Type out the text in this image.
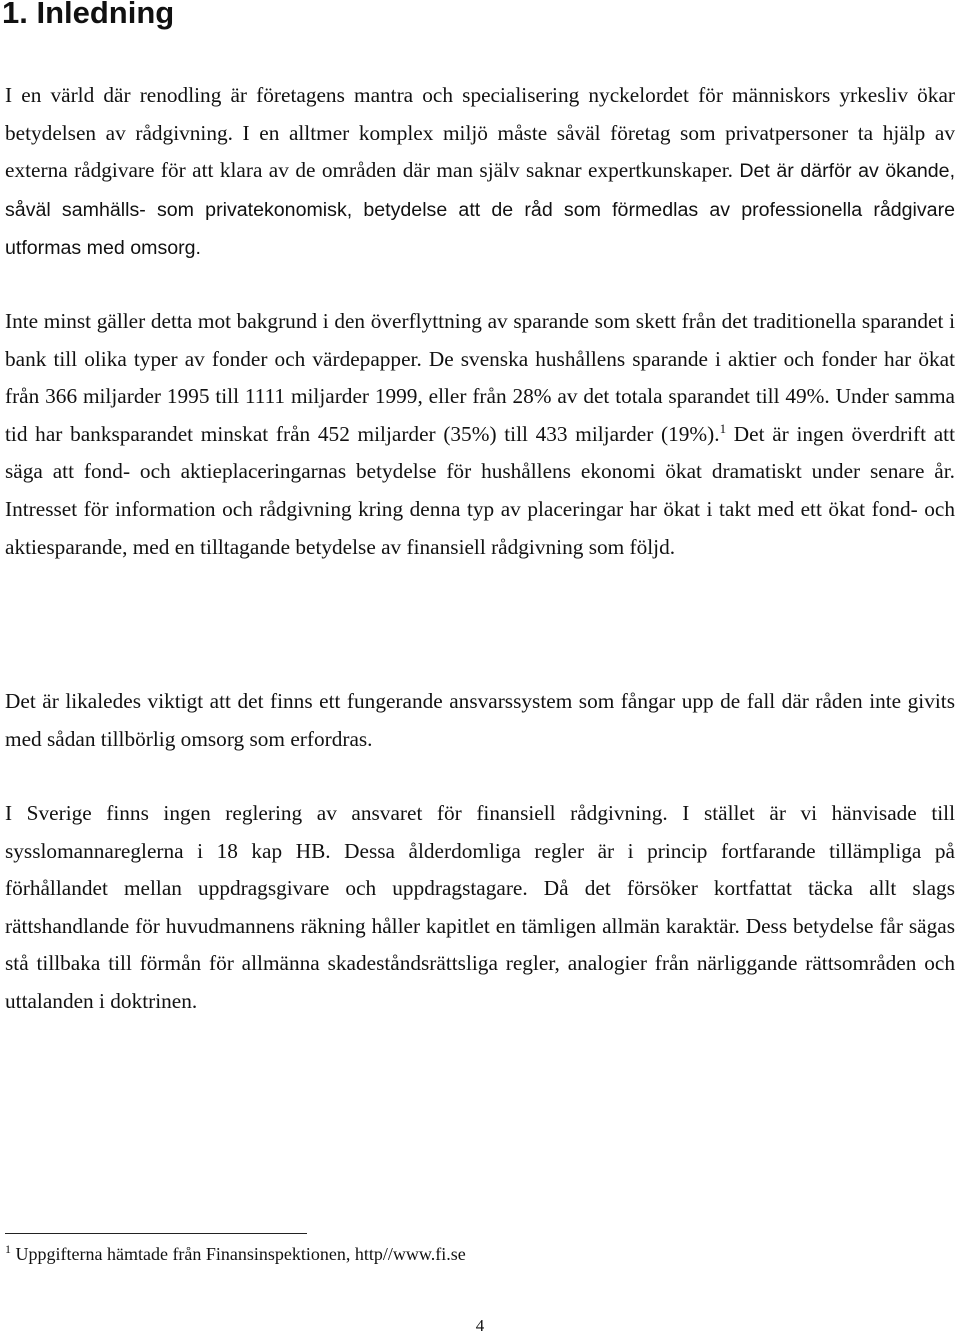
1. Inledning

I en värld där renodling är företagens mantra och specialisering nyckelordet för människors yrkesliv ökar betydelsen av rådgivning. I en alltmer komplex miljö måste såväl företag som privatpersoner ta hjälp av externa rådgivare för att klara av de områden där man själv saknar expertkunskaper. Det är därför av ökande, såväl samhälls- som privatekonomisk, betydelse att de råd som förmedlas av professionella rådgivare utformas med omsorg.

Inte minst gäller detta mot bakgrund i den överflyttning av sparande som skett från det traditionella sparandet i bank till olika typer av fonder och värdepapper. De svenska hushållens sparande i aktier och fonder har ökat från 366 miljarder 1995 till 1111 miljarder 1999, eller från 28% av det totala sparandet till 49%. Under samma tid har banksparandet minskat från 452 miljarder (35%) till 433 miljarder (19%).$^1$ Det är ingen överdrift att säga att fond- och aktieplaceringarnas betydelse för hushållens ekonomi ökat dramatiskt under senare år. Intresset för information och rådgivning kring denna typ av placeringar har ökat i takt med ett ökat fond- och aktiesparande, med en tilltagande betydelse av finansiell rådgivning som följd.

Det är likaledes viktigt att det finns ett fungerande ansvarssystem som fångar upp de fall där råden inte givits med sådan tillbörlig omsorg som erfordras.

I Sverige finns ingen reglering av ansvaret för finansiell rådgivning. I stället är vi hänvisade till sysslomannareglerna i 18 kap HB. Dessa ålderdomliga regler är i princip fortfarande tillämpliga på förhållandet mellan uppdragsgivare och uppdragstagare. Då det försöker kortfattat täcka allt slags rättshandlande för huvudmannens räkning håller kapitlet en tämligen allmän karaktär. Dess betydelse får sägas stå tillbaka till förmån för allmänna skadeståndsrättsliga regler, analogier från närliggande rättsområden och uttalanden i doktrinen.

$^1$ Uppgifterna hämtade från Finansinspektionen, http//www.fi.se

4
